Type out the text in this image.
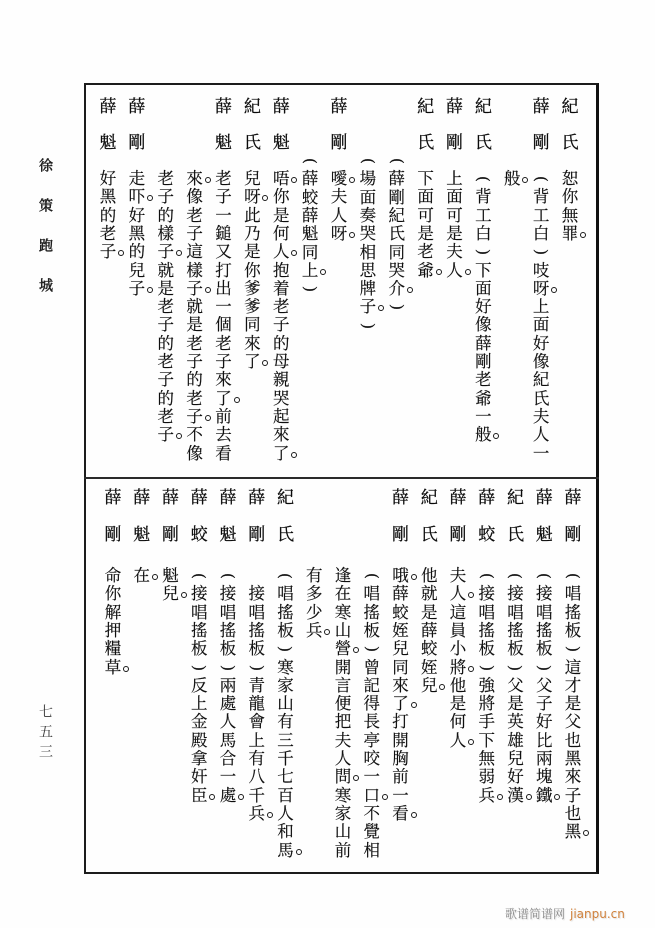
徐策跑城
七五三
紀
氏
恕
你
無
罪
薛
剛
(
背
工
白
)
吱
呀
上
面
好
像
紀
氏
夫
人
一
般
紀
氏
(
背
工
白
)
下
面
好
像
薛
剛
老
爺
一
般
薛
剛
上
面
可
是
夫
人
紀
氏
下
面
可
是
老
爺
(
薛
剛
紀
氏
同
哭
介
)
(
場
面
奏
哭
相
思
牌
子
)
薛
剛
噯
夫
人
呀
(
薛
蛟
薛
魁
同
上
)
薛
魁
唔
你
是
何
人
抱
着
老
子
的
母
親
哭
起
來
了
紀
氏
兒
呀
此
乃
是
你
爹
爹
同
來
了
薛
魁
老
子
一
鎚
又
打
出
一
個
老
子
來
了
前
去
看
來
像
老
子
這
樣
子
就
是
老
子
的
老
子
不
像
老
子
的
樣
子
就
是
老
子
的
老
子
的
老
子
薛
剛
走
吓
好
黑
的
兒
子
薛
魁
好
黑
的
老
子
薛
剛
(
唱
搖
板
)
這
才
是
父
也
黑
來
子
也
黑
薛
魁
(
接
唱
搖
板
)
父
子
好
比
兩
塊
鐵
紀
氏
(
接
唱
搖
板
)
父
是
英
雄
兒
好
漢
薛
蛟
(
接
唱
搖
板
)
強
將
手
下
無
弱
兵
薛
剛
夫
人
這
員
小
將
他
是
何
人
紀
氏
他
就
是
薛
蛟
姪
兒
薛
剛
哦
薛
蛟
姪
兒
同
來
了
打
開
胸
前
一
看
(
唱
搖
板
)
曾
記
得
長
亭
咬
一
口
不
覺
相
逢
在
寒
山
營
開
言
便
把
夫
人
問
寒
家
山
前
有
多
少
兵
紀
氏
(
唱
搖
板
)
寒
家
山
有
三
千
七
百
人
和
馬
薛
剛
接
唱
搖
板
)
青
龍
會
上
有
八
千
兵
薛
魁
(
接
唱
搖
板
)
兩
處
人
馬
合
一
處
薛
蛟
(
接
唱
搖
板
)
反
上
金
殿
拿
奸
臣
薛
剛
魁
兒
薛
魁
在
薛
剛
命
你
解
押
糧
草
歌谱简谱网 jianpu.cn
